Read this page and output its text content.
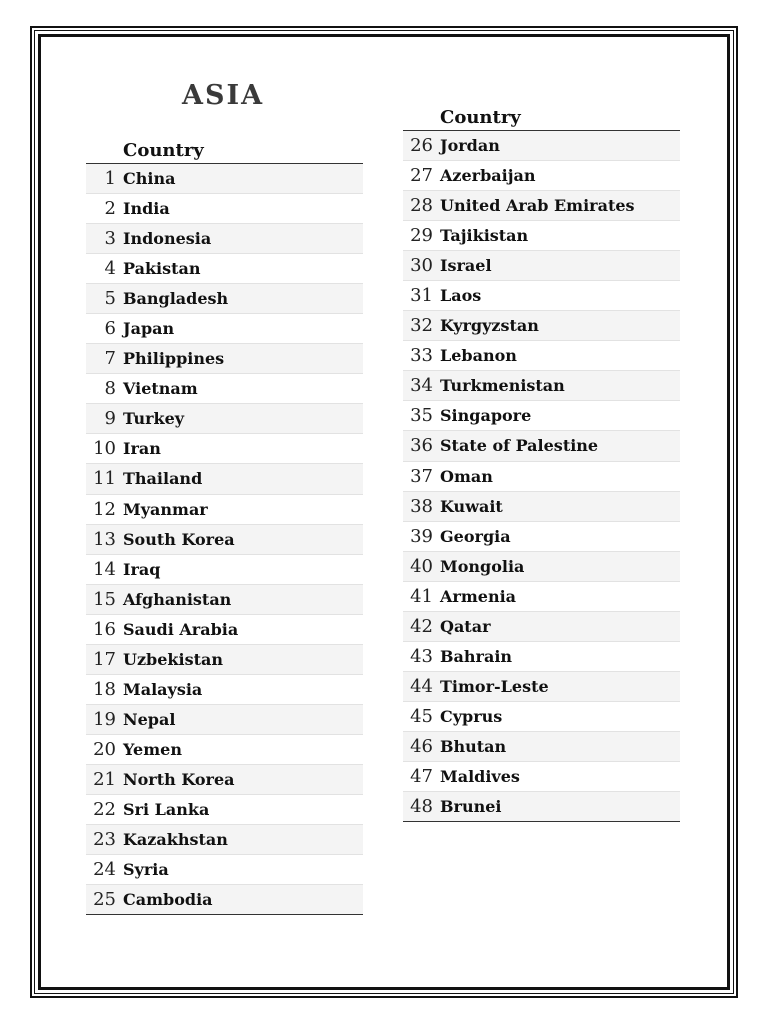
ASIA
Country
1 China
2 India
3 Indonesia
4 Pakistan
5 Bangladesh
6 Japan
7 Philippines
8 Vietnam
9 Turkey
10 Iran
11 Thailand
12 Myanmar
13 South Korea
14 Iraq
15 Afghanistan
16 Saudi Arabia
17 Uzbekistan
18 Malaysia
19 Nepal
20 Yemen
21 North Korea
22 Sri Lanka
23 Kazakhstan
24 Syria
25 Cambodia
Country
26 Jordan
27 Azerbaijan
28 United Arab Emirates
29 Tajikistan
30 Israel
31 Laos
32 Kyrgyzstan
33 Lebanon
34 Turkmenistan
35 Singapore
36 State of Palestine
37 Oman
38 Kuwait
39 Georgia
40 Mongolia
41 Armenia
42 Qatar
43 Bahrain
44 Timor-Leste
45 Cyprus
46 Bhutan
47 Maldives
48 Brunei
